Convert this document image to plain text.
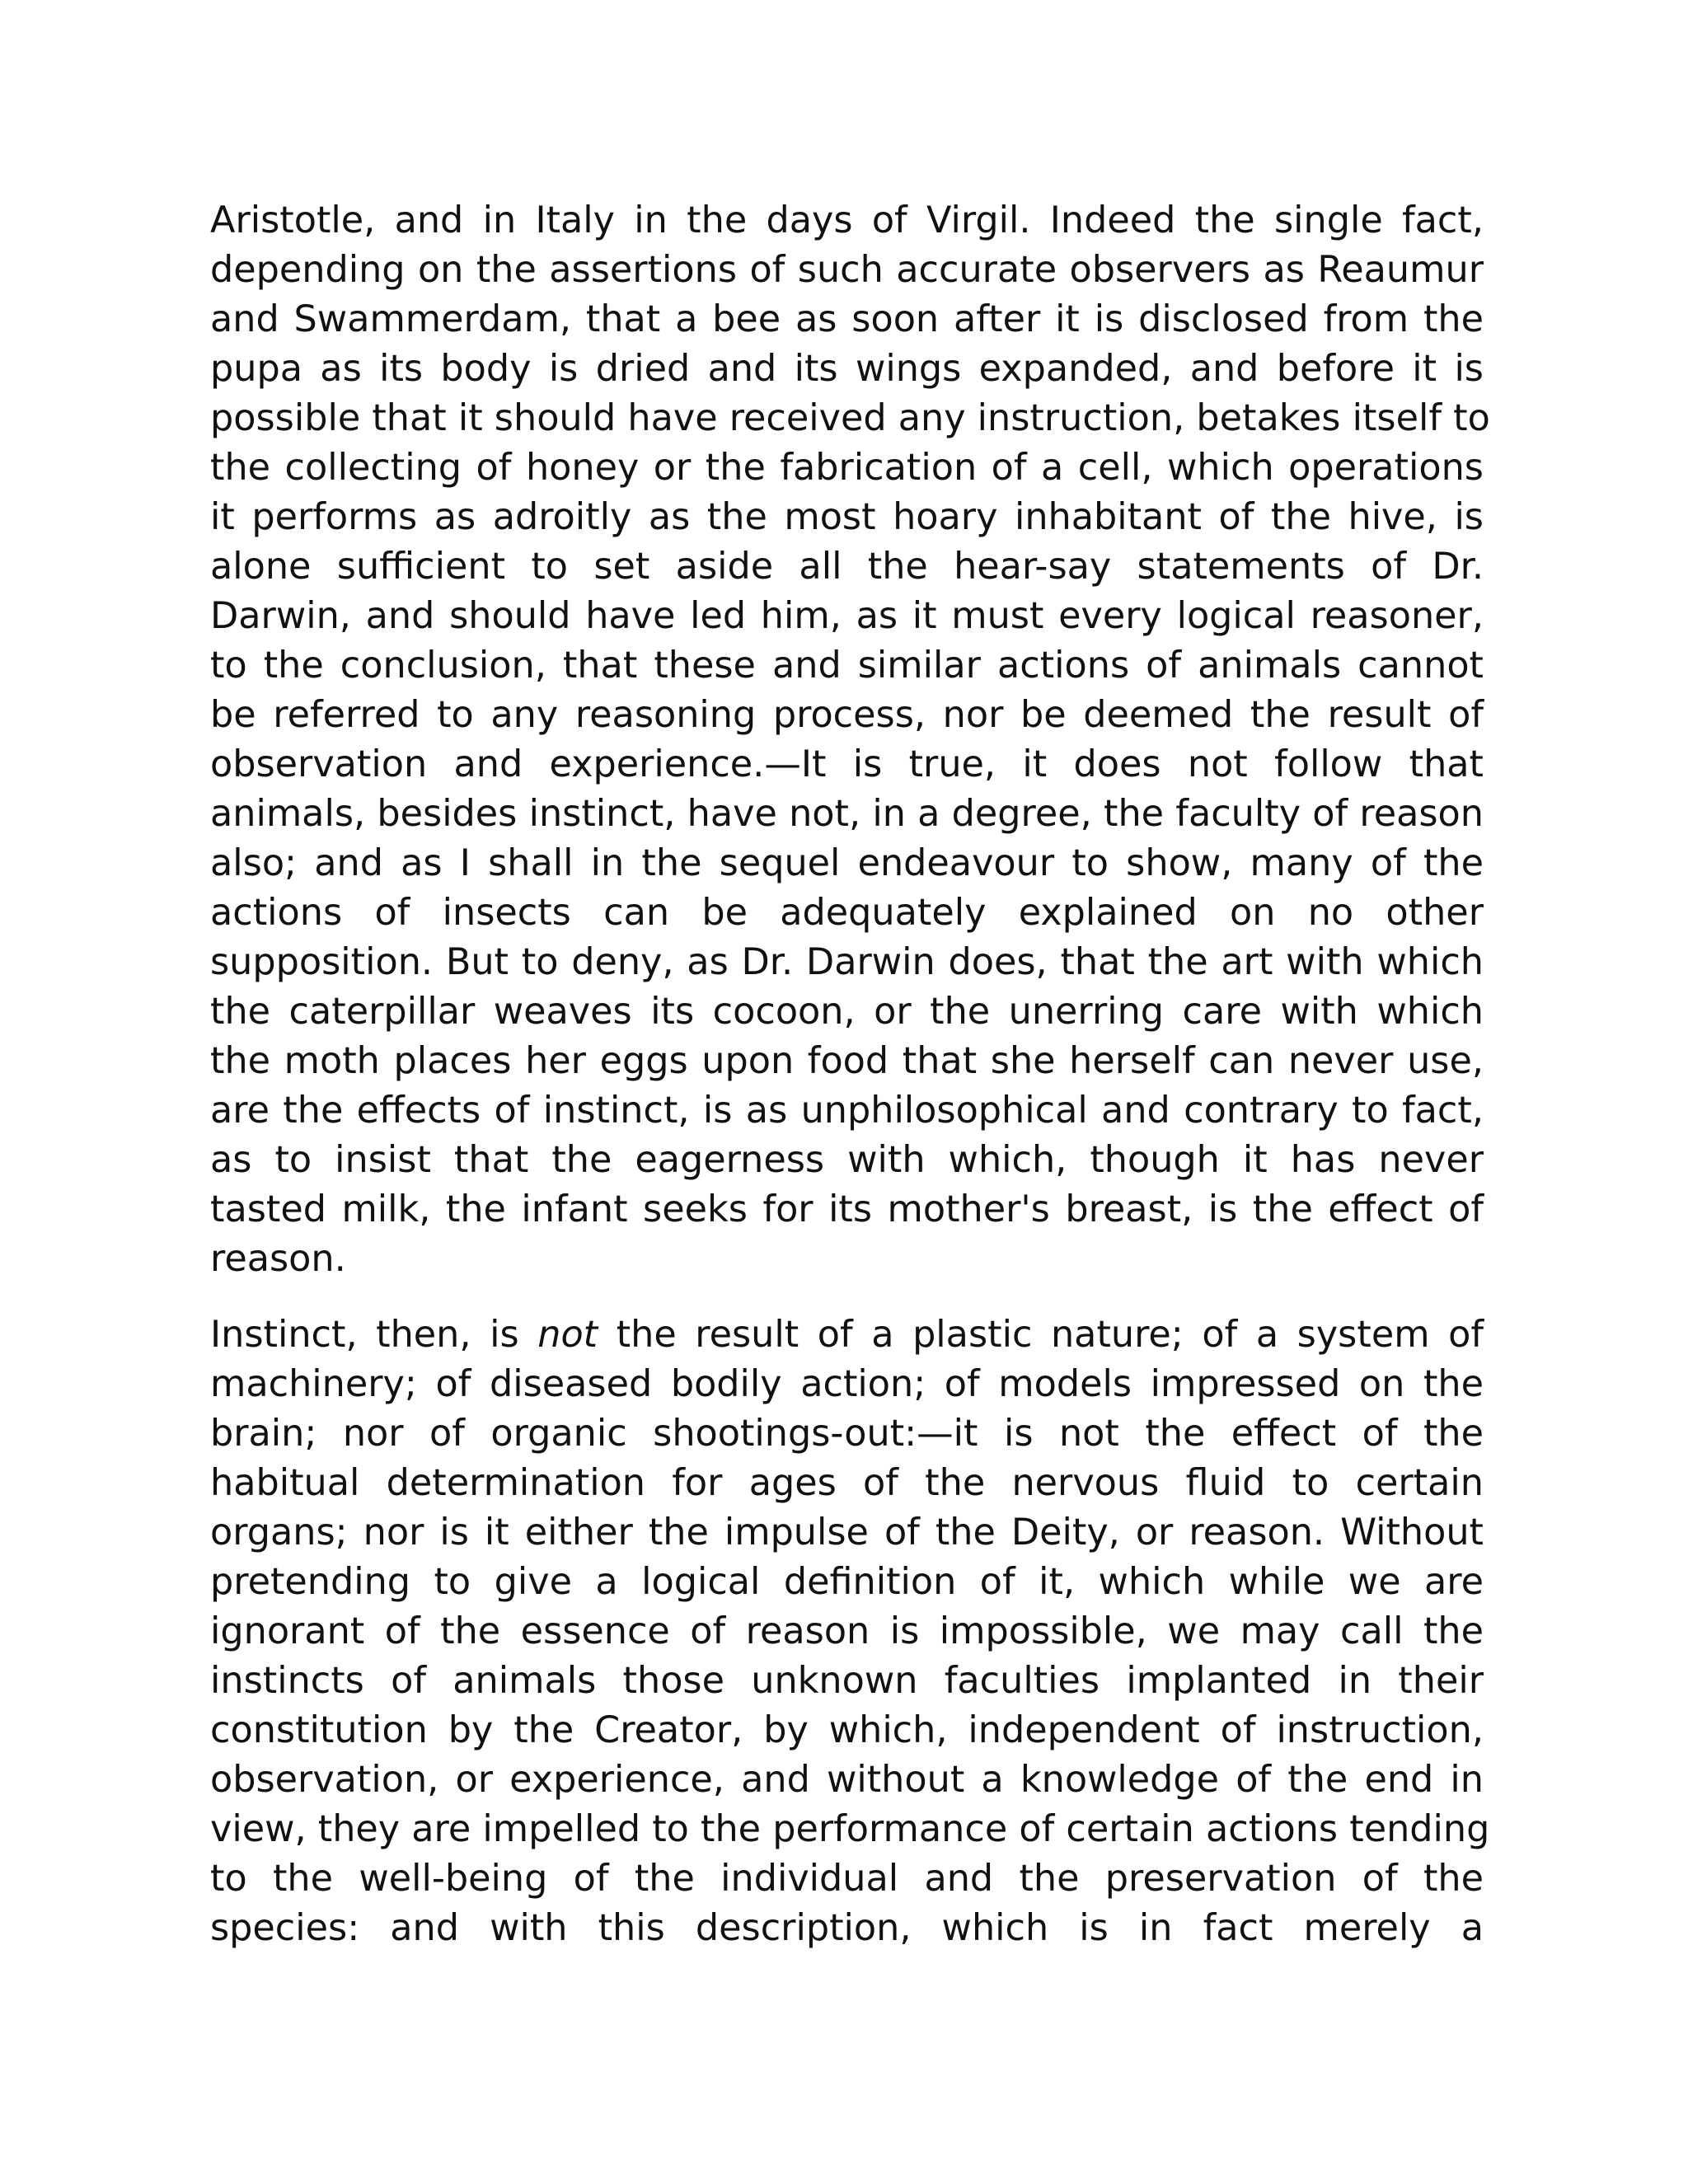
Aristotle, and in Italy in the days of Virgil. Indeed the single fact,
depending on the assertions of such accurate observers as Reaumur
and Swammerdam, that a bee as soon after it is disclosed from the
pupa as its body is dried and its wings expanded, and before it is
possible that it should have received any instruction, betakes itself to
the collecting of honey or the fabrication of a cell, which operations
it performs as adroitly as the most hoary inhabitant of the hive, is
alone sufficient to set aside all the hear-say statements of Dr.
Darwin, and should have led him, as it must every logical reasoner,
to the conclusion, that these and similar actions of animals cannot
be referred to any reasoning process, nor be deemed the result of
observation and experience.—It is true, it does not follow that
animals, besides instinct, have not, in a degree, the faculty of reason
also; and as I shall in the sequel endeavour to show, many of the
actions of insects can be adequately explained on no other
supposition. But to deny, as Dr. Darwin does, that the art with which
the caterpillar weaves its cocoon, or the unerring care with which
the moth places her eggs upon food that she herself can never use,
are the effects of instinct, is as unphilosophical and contrary to fact,
as to insist that the eagerness with which, though it has never
tasted milk, the infant seeks for its mother's breast, is the effect of
reason.

Instinct, then, is not the result of a plastic nature; of a system of
machinery; of diseased bodily action; of models impressed on the
brain; nor of organic shootings-out:—it is not the effect of the
habitual determination for ages of the nervous fluid to certain
organs; nor is it either the impulse of the Deity, or reason. Without
pretending to give a logical definition of it, which while we are
ignorant of the essence of reason is impossible, we may call the
instincts of animals those unknown faculties implanted in their
constitution by the Creator, by which, independent of instruction,
observation, or experience, and without a knowledge of the end in
view, they are impelled to the performance of certain actions tending
to the well-being of the individual and the preservation of the
species: and with this description, which is in fact merely a
